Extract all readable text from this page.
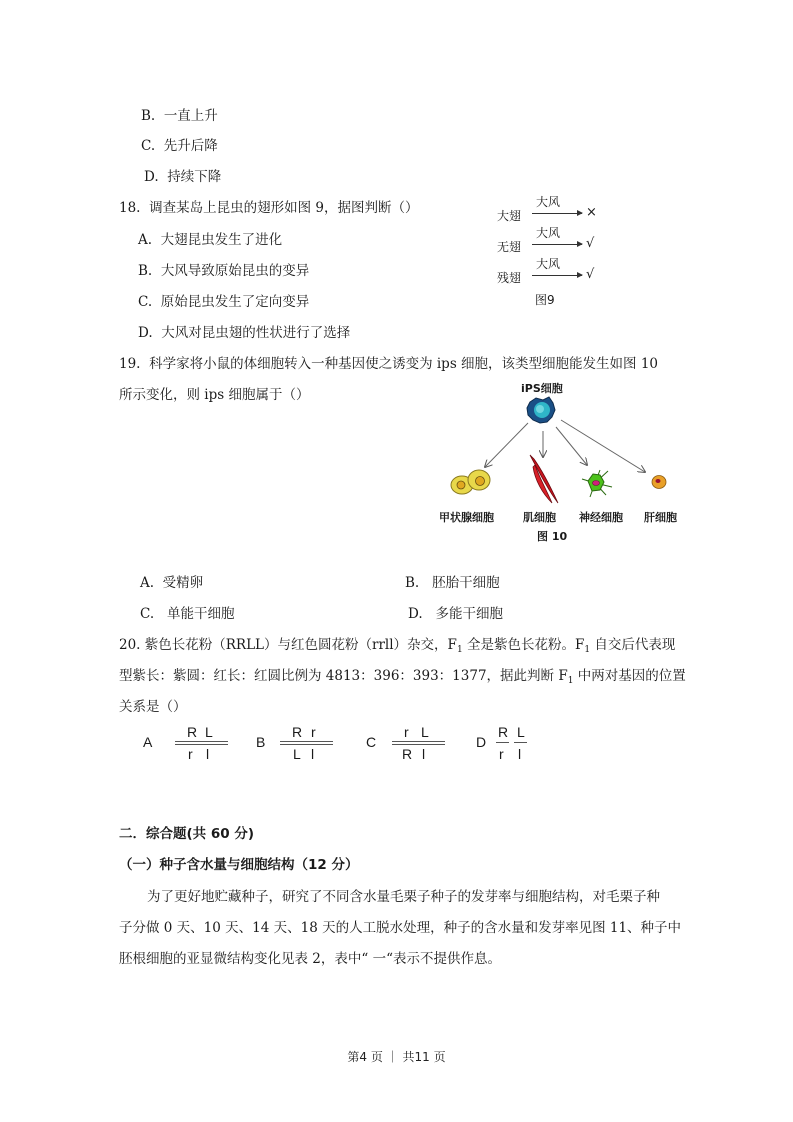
B. 一直上升
C. 先升后降
D. 持续下降
18. 调查某岛上昆虫的翅形如图 9，据图判断（）
A. 大翅昆虫发生了进化
B. 大风导致原始昆虫的变异
C. 原始昆虫发生了定向变异
D. 大风对昆虫翅的性状进行了选择
大翅
大风
×
无翅
大风
√
残翅
大风
√
图9
19. 科学家将小鼠的体细胞转入一种基因使之诱变为 ips 细胞，该类型细胞能发生如图 10
所示变化，则 ips 细胞属于（）	iPS细胞
甲状腺细胞	肌细胞 神经细胞 肝细胞
图 10
A. 受精卵	B. 胚胎干细胞
C. 单能干细胞	D. 多能干细胞
20. 紫色长花粉（RRLL）与红色圆花粉（rrll）杂交，$F_1$ 全是紫色长花粉。$F_1$ 自交后代表现
型紫长：紫圆：红长：红圆比例为 4813：396：393：1377，据此判断 $F_1$ 中两对基因的位置
关系是（）
A
R L
r l
B
R r
L l
C
r L
R l
D
R
r
L
l
二．综合题(共 60 分)
（一）种子含水量与细胞结构（12 分）
为了更好地贮藏种子，研究了不同含水量毛栗子种子的发芽率与细胞结构，对毛栗子种
子分做 0 天、10 天、14 天、18 天的人工脱水处理，种子的含水量和发芽率见图 11、种子中
胚根细胞的亚显微结构变化见表 2，表中“ 一“表示不提供作息。
第4 页 ｜ 共11 页
